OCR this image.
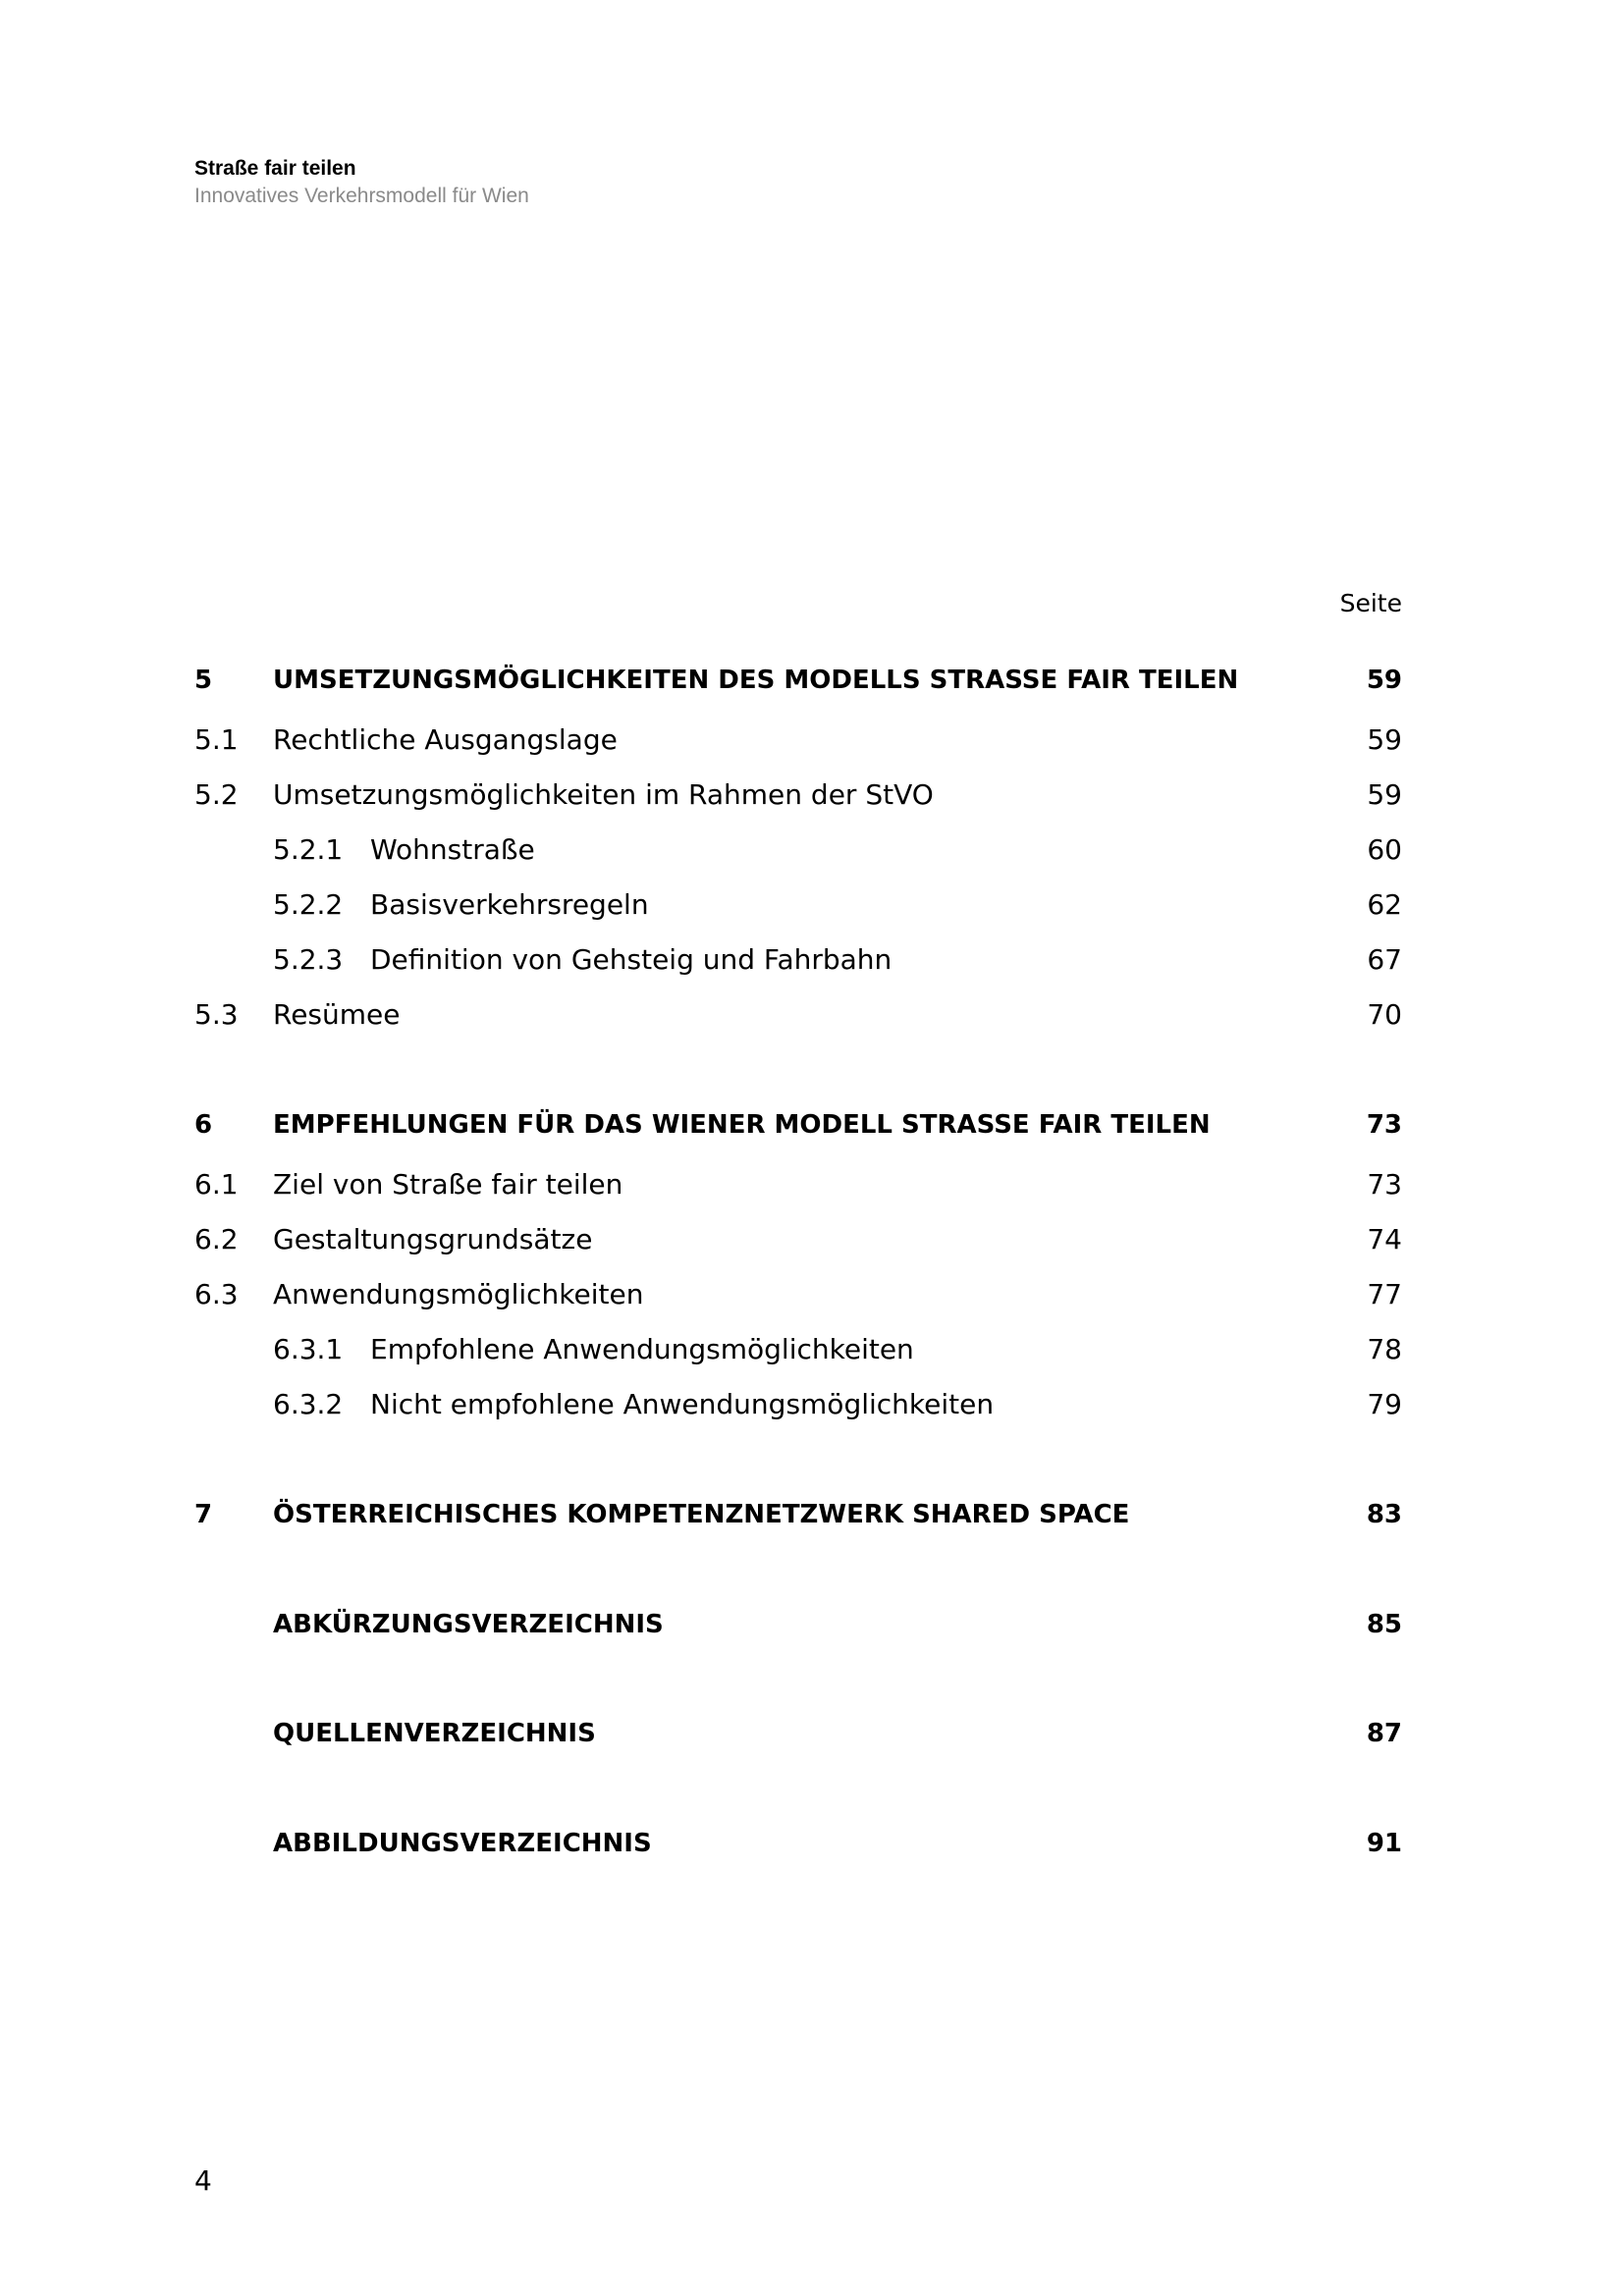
Straße fair teilen
Innovatives Verkehrsmodell für Wien
Seite
5 UMSETZUNGSMÖGLICHKEITEN DES MODELLS STRASSE FAIR TEILEN	59
5.1 Rechtliche Ausgangslage	59
5.2 Umsetzungsmöglichkeiten im Rahmen der StVO	59
5.2.1 Wohnstraße	60
5.2.2 Basisverkehrsregeln	62
5.2.3 Definition von Gehsteig und Fahrbahn	67
5.3 Resümee	70
6 EMPFEHLUNGEN FÜR DAS WIENER MODELL STRASSE FAIR TEILEN	73
6.1 Ziel von Straße fair teilen	73
6.2 Gestaltungsgrundsätze	74
6.3 Anwendungsmöglichkeiten	77
6.3.1 Empfohlene Anwendungsmöglichkeiten	78
6.3.2 Nicht empfohlene Anwendungsmöglichkeiten	79
7 ÖSTERREICHISCHES KOMPETENZNETZWERK SHARED SPACE	83
ABKÜRZUNGSVERZEICHNIS	85
QUELLENVERZEICHNIS	87
ABBILDUNGSVERZEICHNIS	91
4
